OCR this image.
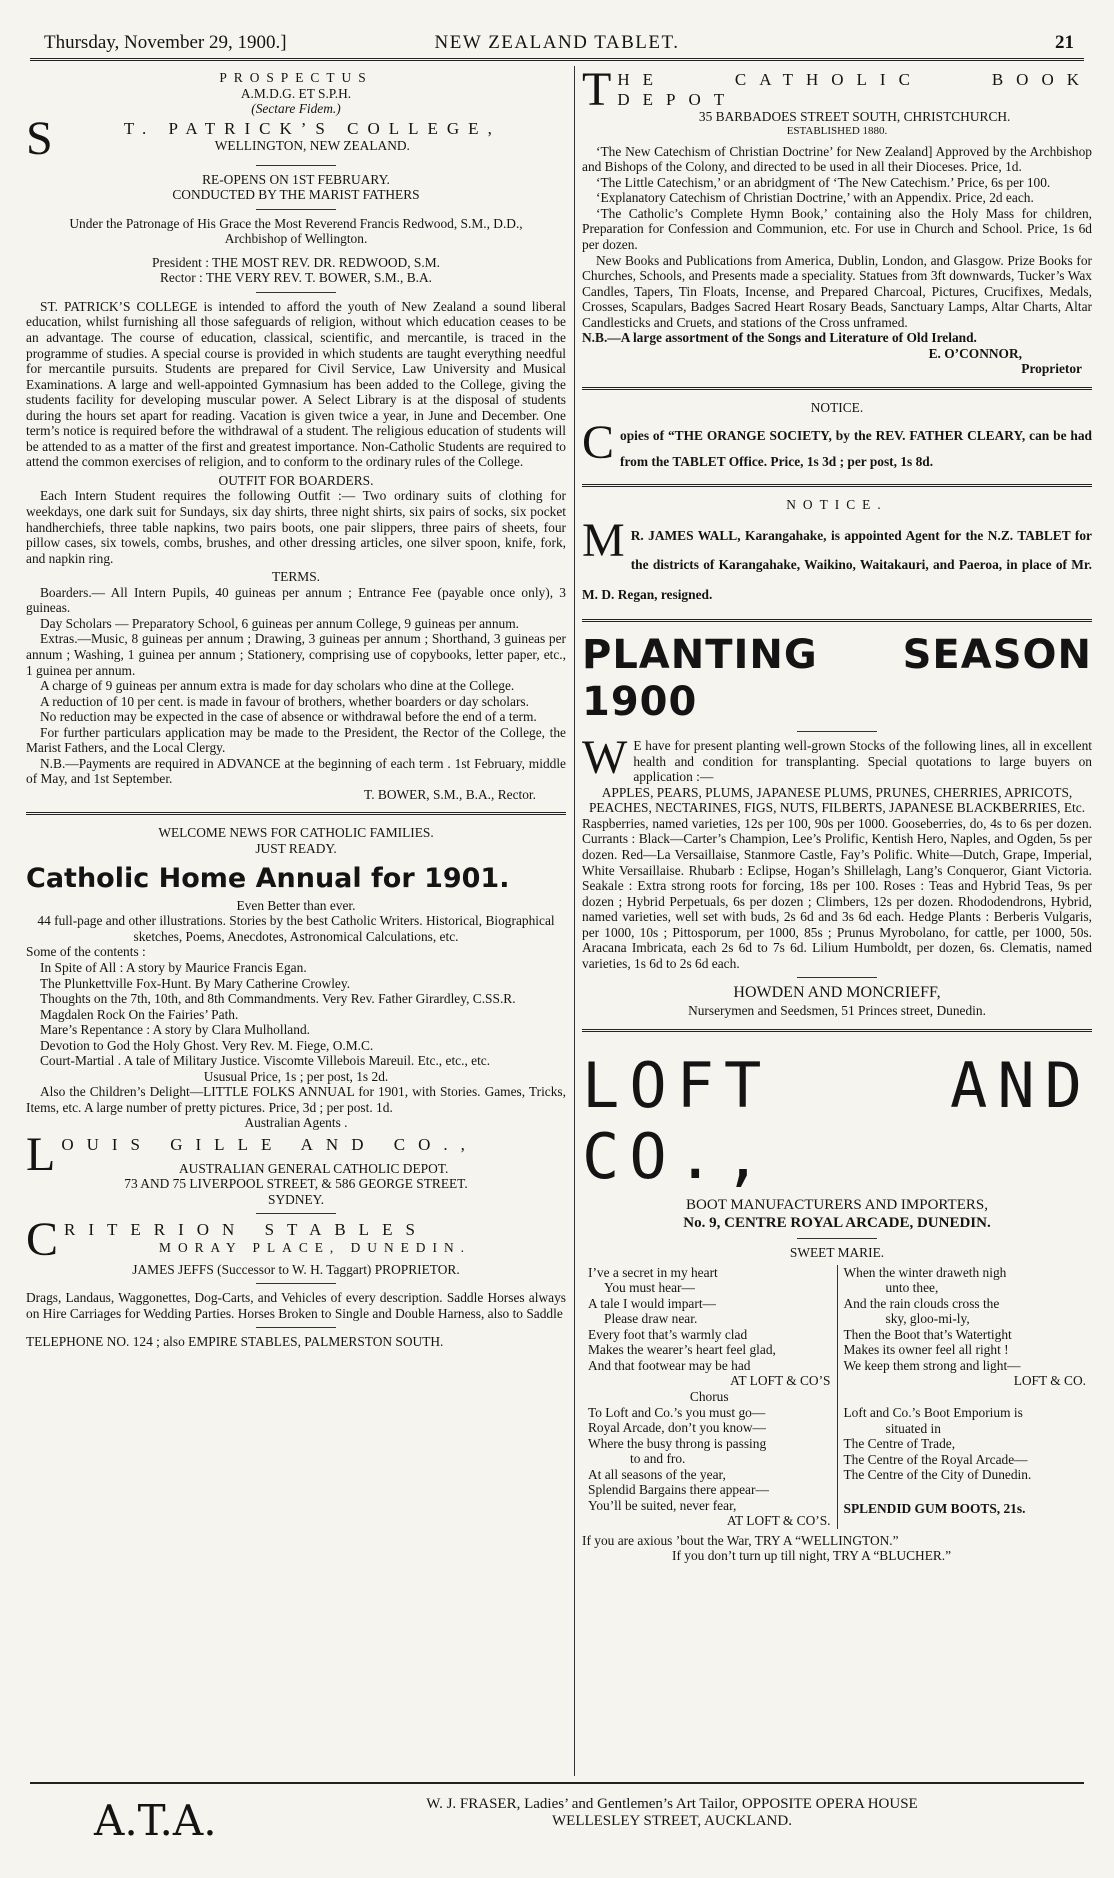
Thursday, November 29, 1900.]	NEW ZEALAND TABLET.	21

PROSPECTUS

A.M.D.G. ET S.P.H.

(Sectare Fidem.)

S	T. PATRICK’S COLLEGE,

WELLINGTON, NEW ZEALAND.

RE-OPENS ON 1ST FEBRUARY.

CONDUCTED BY THE MARIST FATHERS

Under the Patronage of His Grace the Most Reverend Francis Redwood, S.M., D.D., Archbishop of Wellington.

President : THE MOST REV. DR. REDWOOD, S.M.

Rector : THE VERY REV. T. BOWER, S.M., B.A.

ST. PATRICK’S COLLEGE is intended to afford the youth of New Zealand a sound liberal education, whilst furnishing all those safeguards of religion, without which education ceases to be an advantage. The course of education, classical, scientific, and mercantile, is traced in the programme of studies. A special course is provided in which students are taught everything needful for mercantile pursuits. Students are prepared for Civil Service, Law University and Musical Examinations. A large and well-appointed Gymnasium has been added to the College, giving the students facility for developing muscular power. A Select Library is at the disposal of students during the hours set apart for reading. Vacation is given twice a year, in June and December. One term’s notice is required before the withdrawal of a student. The religious education of students will be attended to as a matter of the first and greatest importance. Non-Catholic Students are required to attend the common exercises of religion, and to conform to the ordinary rules of the College.

OUTFIT FOR BOARDERS.

Each Intern Student requires the following Outfit :— Two ordinary suits of clothing for weekdays, one dark suit for Sundays, six day shirts, three night shirts, six pairs of socks, six pocket handherchiefs, three table napkins, two pairs boots, one pair slippers, three pairs of sheets, four pillow cases, six towels, combs, brushes, and other dressing articles, one silver spoon, knife, fork, and napkin ring.

TERMS.

Boarders.— All Intern Pupils, 40 guineas per annum ; Entrance Fee (payable once only), 3 guineas.

Day Scholars — Preparatory School, 6 guineas per annum College, 9 guineas per annum.

Extras.—Music, 8 guineas per annum ; Drawing, 3 guineas per annum ; Shorthand, 3 guineas per annum ; Washing, 1 guinea per annum ; Stationery, comprising use of copybooks, letter paper, etc., 1 guinea per annum.

A charge of 9 guineas per annum extra is made for day scholars who dine at the College.

A reduction of 10 per cent. is made in favour of brothers, whether boarders or day scholars.

No reduction may be expected in the case of absence or withdrawal before the end of a term.

For further particulars application may be made to the President, the Rector of the College, the Marist Fathers, and the Local Clergy.

N.B.—Payments are required in ADVANCE at the beginning of each term . 1st February, middle of May, and 1st September.

T. BOWER, S.M., B.A., Rector.

WELCOME NEWS FOR CATHOLIC FAMILIES.

JUST READY.

Catholic Home Annual for 1901.

Even Better than ever.

44 full-page and other illustrations. Stories by the best Catholic Writers. Historical, Biographical sketches, Poems, Anecdotes, Astronomical Calculations, etc.

Some of the contents :

In Spite of All : A story by Maurice Francis Egan.
The Plunkettville Fox-Hunt. By Mary Catherine Crowley.
Thoughts on the 7th, 10th, and 8th Commandments. Very Rev. Father Girardley, C.SS.R.
Magdalen Rock On the Fairies’ Path.
Mare’s Repentance : A story by Clara Mulholland.
Devotion to God the Holy Ghost. Very Rev. M. Fiege, O.M.C.
Court-Martial . A tale of Military Justice. Viscomte Villebois Mareuil. Etc., etc., etc.

Ususual Price, 1s ; per post, 1s 2d.

Also the Children’s Delight—LITTLE FOLKS ANNUAL for 1901, with Stories. Games, Tricks, Items, etc. A large number of pretty pictures. Price, 3d ; per post. 1d.

Australian Agents .

L OUIS GILLE AND CO.,

AUSTRALIAN GENERAL CATHOLIC DEPOT.

73 AND 75 LIVERPOOL STREET, & 586 GEORGE STREET.

SYDNEY.

C RITERION STABLES

MORAY PLACE, DUNEDIN.

JAMES JEFFS (Successor to W. H. Taggart) PROPRIETOR.

Drags, Landaus, Waggonettes, Dog-Carts, and Vehicles of every description. Saddle Horses always on Hire Carriages for Wedding Parties. Horses Broken to Single and Double Harness, also to Saddle

TELEPHONE NO. 124 ; also EMPIRE STABLES, PALMERSTON SOUTH.

T HE CATHOLIC BOOK DEPOT

35 BARBADOES STREET SOUTH, CHRISTCHURCH.

ESTABLISHED 1880.

‘The New Catechism of Christian Doctrine’ for New Zealand] Approved by the Archbishop and Bishops of the Colony, and directed to be used in all their Dioceses. Price, 1d.

‘The Little Catechism,’ or an abridgment of ‘The New Catechism.’ Price, 6s per 100.

‘Explanatory Catechism of Christian Doctrine,’ with an Appendix. Price, 2d each.

‘The Catholic’s Complete Hymn Book,’ containing also the Holy Mass for children, Preparation for Confession and Communion, etc. For use in Church and School. Price, 1s 6d per dozen.

New Books and Publications from America, Dublin, London, and Glasgow. Prize Books for Churches, Schools, and Presents made a speciality. Statues from 3ft downwards, Tucker’s Wax Candles, Tapers, Tin Floats, Incense, and Prepared Charcoal, Pictures, Crucifixes, Medals, Crosses, Scapulars, Badges Sacred Heart Rosary Beads, Sanctuary Lamps, Altar Charts, Altar Candlesticks and Cruets, and stations of the Cross unframed.

N.B.—A large assortment of the Songs and Literature of Old Ireland.

E. O’CONNOR,

Proprietor

NOTICE.

C opies of “THE ORANGE SOCIETY, by the REV. FATHER CLEARY, can be had from the TABLET Office. Price, 1s 3d ; per post, 1s 8d.

NOTICE.

M R. JAMES WALL, Karangahake, is appointed Agent for the N.Z. TABLET for the districts of Karangahake, Waikino, Waitakauri, and Paeroa, in place of Mr. M. D. Regan, resigned.

PLANTING SEASON 1900

W E have for present planting well-grown Stocks of the following lines, all in excellent health and condition for transplanting. Special quotations to large buyers on application :—

APPLES, PEARS, PLUMS, JAPANESE PLUMS, PRUNES, CHERRIES, APRICOTS, PEACHES, NECTARINES, FIGS, NUTS, FILBERTS, JAPANESE BLACKBERRIES, Etc.

Raspberries, named varieties, 12s per 100, 90s per 1000. Gooseberries, do, 4s to 6s per dozen. Currants : Black—Carter’s Champion, Lee’s Prolific, Kentish Hero, Naples, and Ogden, 5s per dozen. Red—La Versaillaise, Stanmore Castle, Fay’s Polific. White—Dutch, Grape, Imperial, White Versaillaise. Rhubarb : Eclipse, Hogan’s Shillelagh, Lang’s Conqueror, Giant Victoria. Seakale : Extra strong roots for forcing, 18s per 100. Roses : Teas and Hybrid Teas, 9s per dozen ; Hybrid Perpetuals, 6s per dozen ; Climbers, 12s per dozen. Rhododendrons, Hybrid, named varieties, well set with buds, 2s 6d and 3s 6d each. Hedge Plants : Berberis Vulgaris, per 1000, 10s ; Pittosporum, per 1000, 85s ; Prunus Myrobolano, for cattle, per 1000, 50s. Aracana Imbricata, each 2s 6d to 7s 6d. Lilium Humboldt, per dozen, 6s. Clematis, named varieties, 1s 6d to 2s 6d each.

HOWDEN AND MONCRIEFF,

Nurserymen and Seedsmen, 51 Princes street, Dunedin.

LOFT AND CO.,

BOOT MANUFACTURERS AND IMPORTERS,

No. 9, CENTRE ROYAL ARCADE, DUNEDIN.

SWEET MARIE.

I’ve a secret in my heart
You must hear—
A tale I would impart—
Please draw near.
Every foot that’s warmly clad
Makes the wearer’s heart feel glad,
And that footwear may be had
AT LOFT & CO’S
Chorus
To Loft and Co.’s you must go—
Royal Arcade, don’t you know—
Where the busy throng is passing
to and fro.
At all seasons of the year,
Splendid Bargains there appear—
You’ll be suited, never fear,
AT LOFT & CO’S.
When the winter draweth nigh
unto thee,
And the rain clouds cross the
sky, gloo-mi-ly,
Then the Boot that’s Watertight
Makes its owner feel all right !
We keep them strong and light—
LOFT & CO.
Loft and Co.’s Boot Emporium is
situated in
The Centre of Trade,
The Centre of the Royal Arcade—
The Centre of the City of Dunedin.
SPLENDID GUM BOOTS, 21s.

If you are axious ’bout the War, TRY A “WELLINGTON.”

If you don’t turn up till night, TRY A “BLUCHER.”

A.T.A.	W. J. FRASER, Ladies’ and Gentlemen’s Art Tailor, OPPOSITE OPERA HOUSE

WELLESLEY STREET, AUCKLAND.
